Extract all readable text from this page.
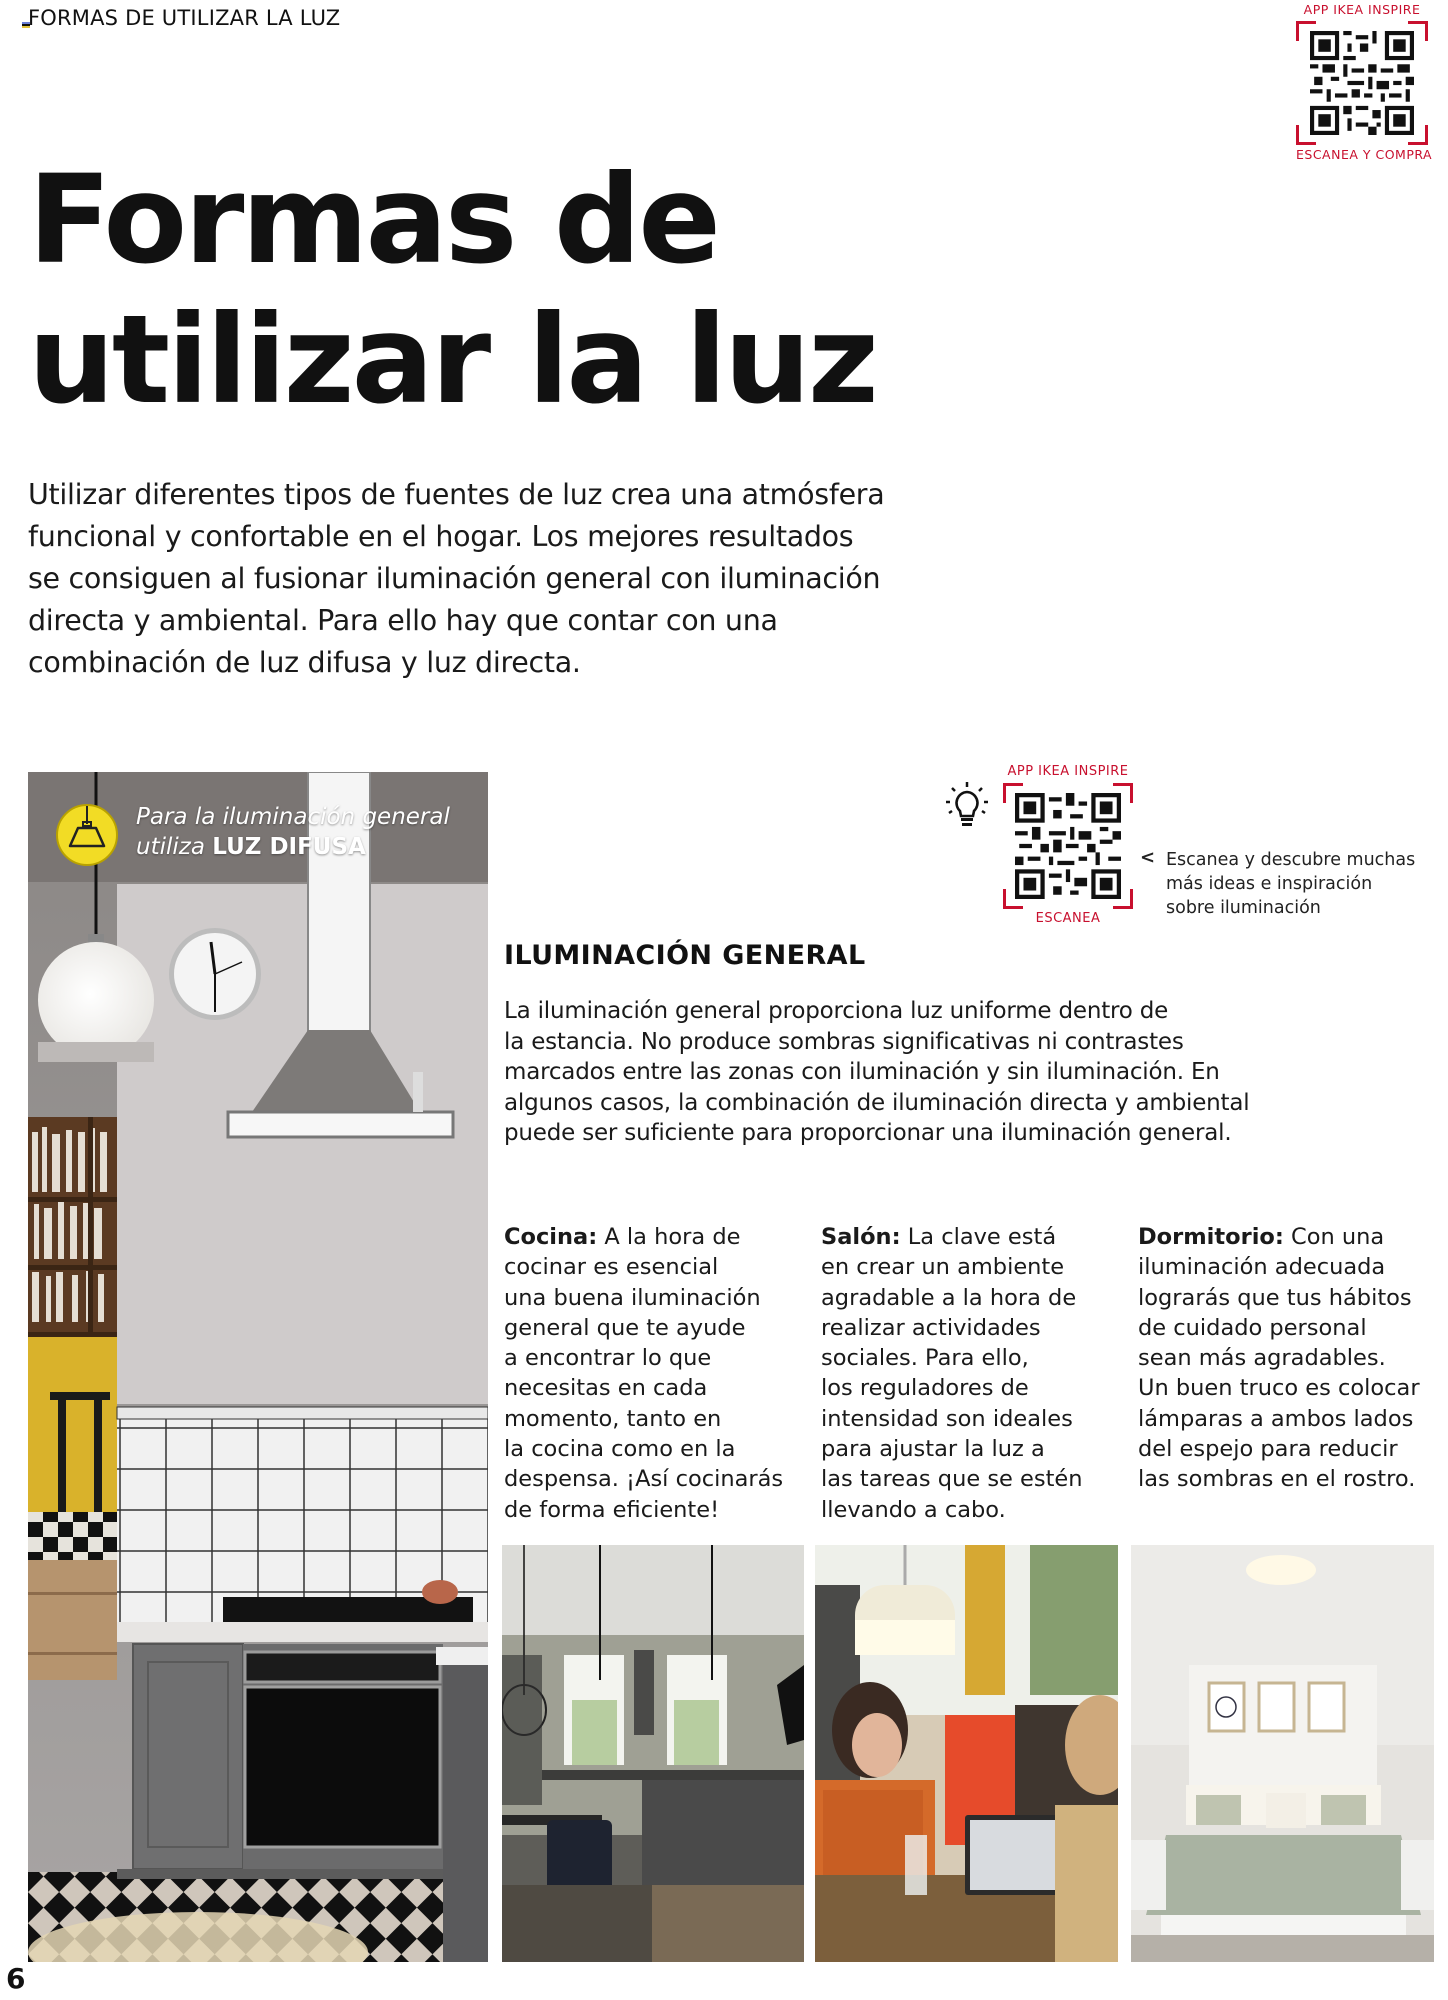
FORMAS DE UTILIZAR LA LUZ	APP IKEA INSPIRE
ESCANEA Y COMPRA
Formas de
utilizar la luz
Utilizar diferentes tipos de fuentes de luz crea una atmósfera
funcional y confortable en el hogar. Los mejores resultados
se consiguen al fusionar iluminación general con iluminación
directa y ambiental. Para ello hay que contar con una
combinación de luz difusa y luz directa.
Para la iluminación general
utiliza LUZ DIFUSA
APP IKEA INSPIRE
ESCANEA
< Escanea y descubre muchas
más ideas e inspiración
sobre iluminación
ILUMINACIÓN GENERAL
La iluminación general proporciona luz uniforme dentro de
la estancia. No produce sombras significativas ni contrastes
marcados entre las zonas con iluminación y sin iluminación. En
algunos casos, la combinación de iluminación directa y ambiental
puede ser suficiente para proporcionar una iluminación general.
Cocina: A la hora de
cocinar es esencial
una buena iluminación
general que te ayude
a encontrar lo que
necesitas en cada
momento, tanto en
la cocina como en la
despensa. ¡Así cocinarás
de forma eficiente!
Salón: La clave está
en crear un ambiente
agradable a la hora de
realizar actividades
sociales. Para ello,
los reguladores de
intensidad son ideales
para ajustar la luz a
las tareas que se estén
llevando a cabo.
Dormitorio: Con una
iluminación adecuada
lograrás que tus hábitos
de cuidado personal
sean más agradables.
Un buen truco es colocar
lámparas a ambos lados
del espejo para reducir
las sombras en el rostro.
6
